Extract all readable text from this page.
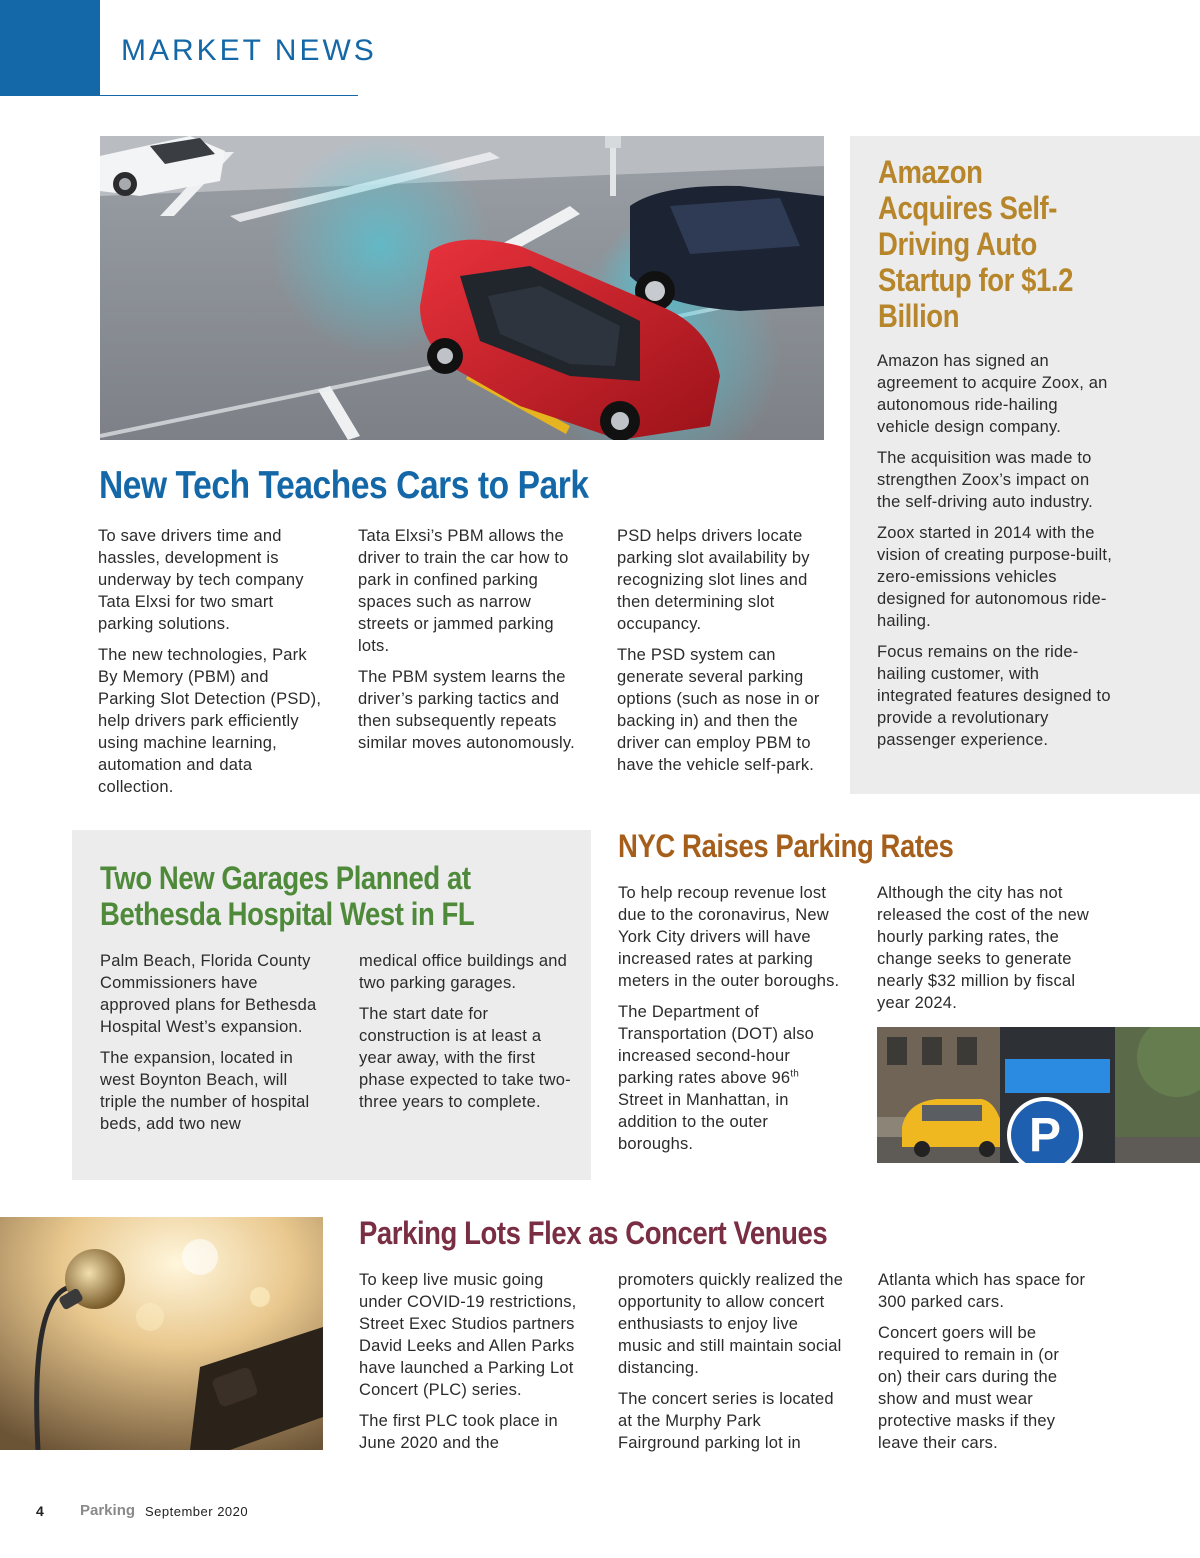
MARKET NEWS
New Tech Teaches Cars to Park

To save drivers time and hassles, development is underway by tech company Tata Elxsi for two smart parking solutions.

The new technologies, Park By Memory (PBM) and Parking Slot Detection (PSD), help drivers park efficiently using machine learning, automation and data collection.

Tata Elxsi’s PBM allows the driver to train the car how to park in confined parking spaces such as narrow streets or jammed parking lots.

The PBM system learns the driver’s parking tactics and then subsequently repeats similar moves autonomously.

PSD helps drivers locate parking slot availability by recognizing slot lines and then determining slot occupancy.

The PSD system can generate several parking options (such as nose in or backing in) and then the driver can employ PBM to have the vehicle self-park.

Amazon Acquires Self-Driving Auto Startup for $1.2 Billion

Amazon has signed an agreement to acquire Zoox, an autonomous ride-hailing vehicle design company.

The acquisition was made to strengthen Zoox’s impact on the self-driving auto industry.

Zoox started in 2014 with the vision of creating purpose-built, zero-emissions vehicles designed for autonomous ride-hailing.

Focus remains on the ride-hailing customer, with integrated features designed to provide a revolutionary passenger experience.

Two New Garages Planned at Bethesda Hospital West in FL

Palm Beach, Florida County Commissioners have approved plans for Bethesda Hospital West’s expansion.

The expansion, located in west Boynton Beach, will triple the number of hospital beds, add two new

medical office buildings and two parking garages.

The start date for construction is at least a year away, with the first phase expected to take two-three years to complete.

NYC Raises Parking Rates

To help recoup revenue lost due to the coronavirus, New York City drivers will have increased rates at parking meters in the outer boroughs.

The Department of Transportation (DOT) also increased second-hour parking rates above 96th Street in Manhattan, in addition to the outer boroughs.

Although the city has not released the cost of the new hourly parking rates, the change seeks to generate nearly $32 million by fiscal year 2024.

P
Parking Lots Flex as Concert Venues

To keep live music going under COVID-19 restrictions, Street Exec Studios partners David Leeks and Allen Parks have launched a Parking Lot Concert (PLC) series.

The first PLC took place in June 2020 and the

promoters quickly realized the opportunity to allow concert enthusiasts to enjoy live music and still maintain social distancing.

The concert series is located at the Murphy Park Fairground parking lot in

Atlanta which has space for 300 parked cars.

Concert goers will be required to remain in (or on) their cars during the show and must wear protective masks if they leave their cars.

4 Parking September 2020
